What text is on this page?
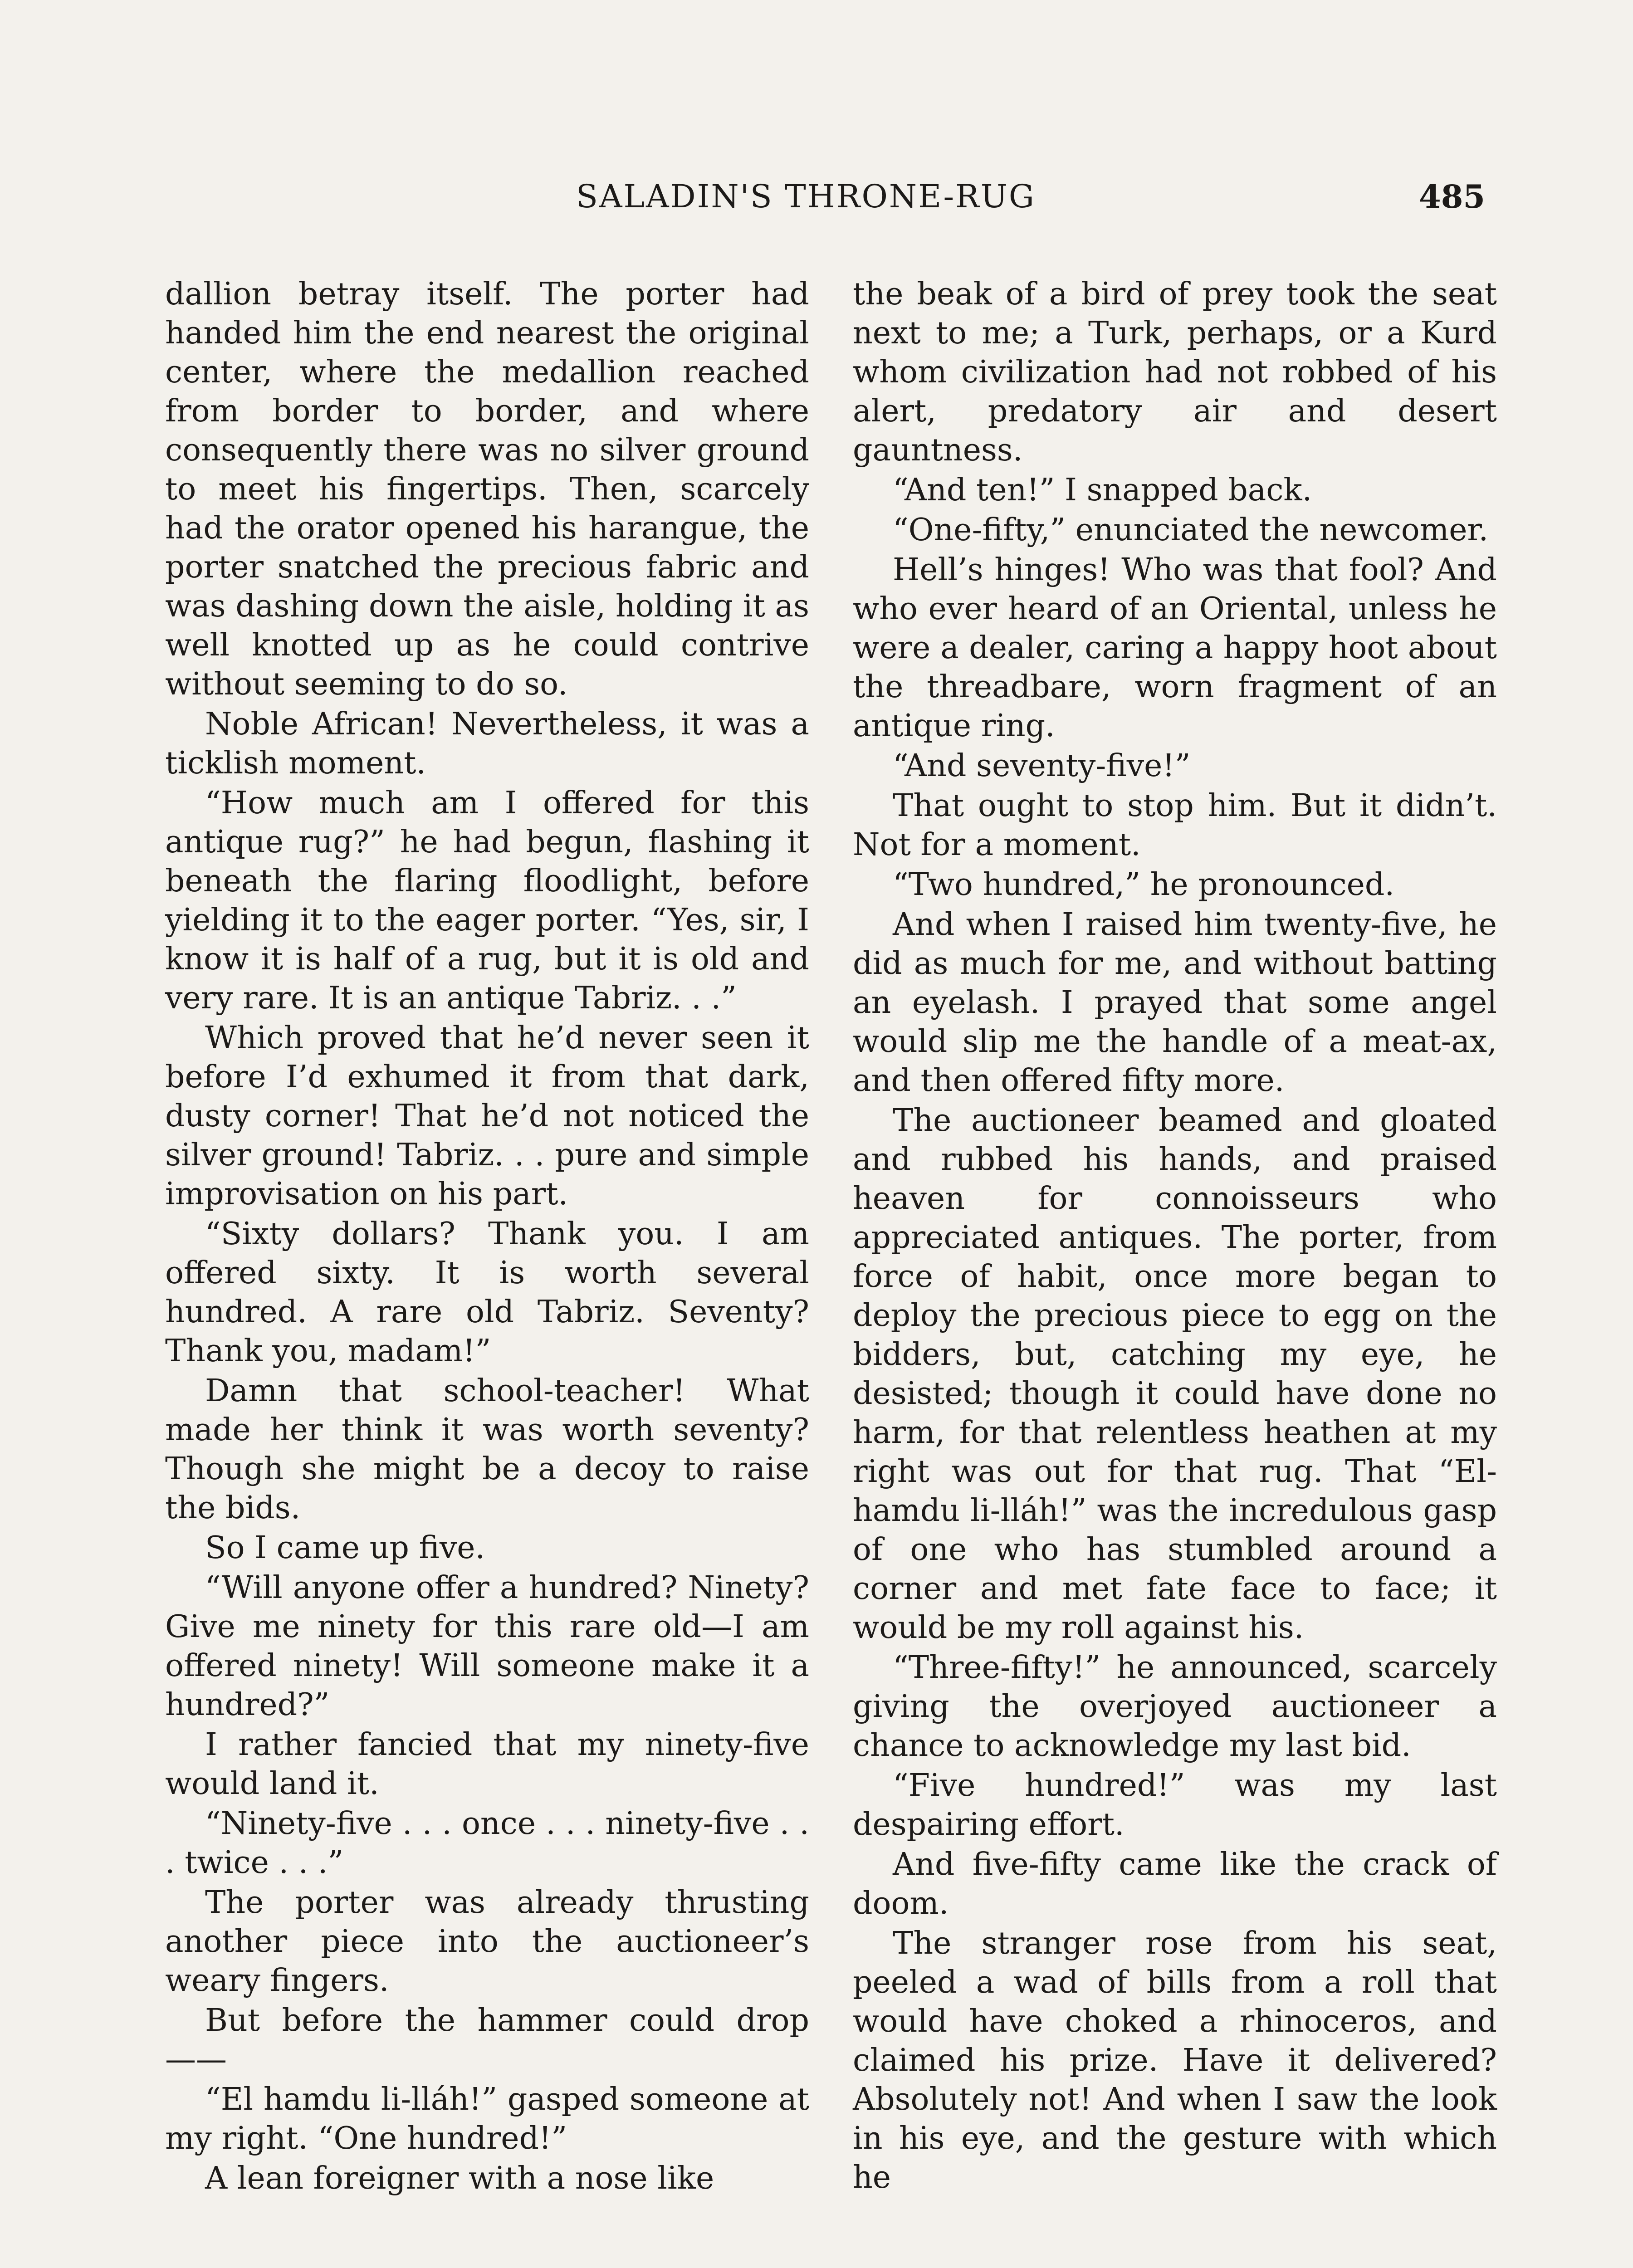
SALADIN'S THRONE-RUG	485

dallion betray itself. The porter had handed him the end nearest the original center, where the medallion reached from border to border, and where consequently there was no silver ground to meet his fingertips. Then, scarcely had the orator opened his harangue, the porter snatched the precious fabric and was dashing down the aisle, holding it as well knotted up as he could contrive without seeming to do so.

Noble African! Nevertheless, it was a ticklish moment.

“How much am I offered for this antique rug?” he had begun, flashing it beneath the flaring floodlight, before yielding it to the eager porter. “Yes, sir, I know it is half of a rug, but it is old and very rare. It is an antique Tabriz. . .”

Which proved that he’d never seen it before I’d exhumed it from that dark, dusty corner! That he’d not noticed the silver ground! Tabriz. . . pure and simple improvisation on his part.

“Sixty dollars? Thank you. I am offered sixty. It is worth several hundred. A rare old Tabriz. Seventy? Thank you, madam!”

Damn that school-teacher! What made her think it was worth seventy? Though she might be a decoy to raise the bids.

So I came up five.

“Will anyone offer a hundred? Ninety? Give me ninety for this rare old—I am offered ninety! Will someone make it a hundred?”

I rather fancied that my ninety-five would land it.

“Ninety-five . . . once . . . ninety-five . . . twice . . .”

The porter was already thrusting another piece into the auctioneer’s weary fingers.

But before the hammer could drop——

“El hamdu li-lláh!” gasped someone at my right. “One hundred!”

A lean foreigner with a nose like

the beak of a bird of prey took the seat next to me; a Turk, perhaps, or a Kurd whom civilization had not robbed of his alert, predatory air and desert gauntness.

“And ten!” I snapped back.

“One-fifty,” enunciated the newcomer.

Hell’s hinges! Who was that fool? And who ever heard of an Oriental, unless he were a dealer, caring a happy hoot about the threadbare, worn fragment of an antique ring.

“And seventy-five!”

That ought to stop him. But it didn’t. Not for a moment.

“Two hundred,” he pronounced.

And when I raised him twenty-five, he did as much for me, and without batting an eyelash. I prayed that some angel would slip me the handle of a meat-ax, and then offered fifty more.

The auctioneer beamed and gloated and rubbed his hands, and praised heaven for connoisseurs who appreciated antiques. The porter, from force of habit, once more began to deploy the precious piece to egg on the bidders, but, catching my eye, he desisted; though it could have done no harm, for that relentless heathen at my right was out for that rug. That “El-hamdu li-lláh!” was the incredulous gasp of one who has stumbled around a corner and met fate face to face; it would be my roll against his.

“Three-fifty!” he announced, scarcely giving the overjoyed auctioneer a chance to acknowledge my last bid.

“Five hundred!” was my last despairing effort.

And five-fifty came like the crack of doom.

The stranger rose from his seat, peeled a wad of bills from a roll that would have choked a rhinoceros, and claimed his prize. Have it delivered? Absolutely not! And when I saw the look in his eye, and the gesture with which he
